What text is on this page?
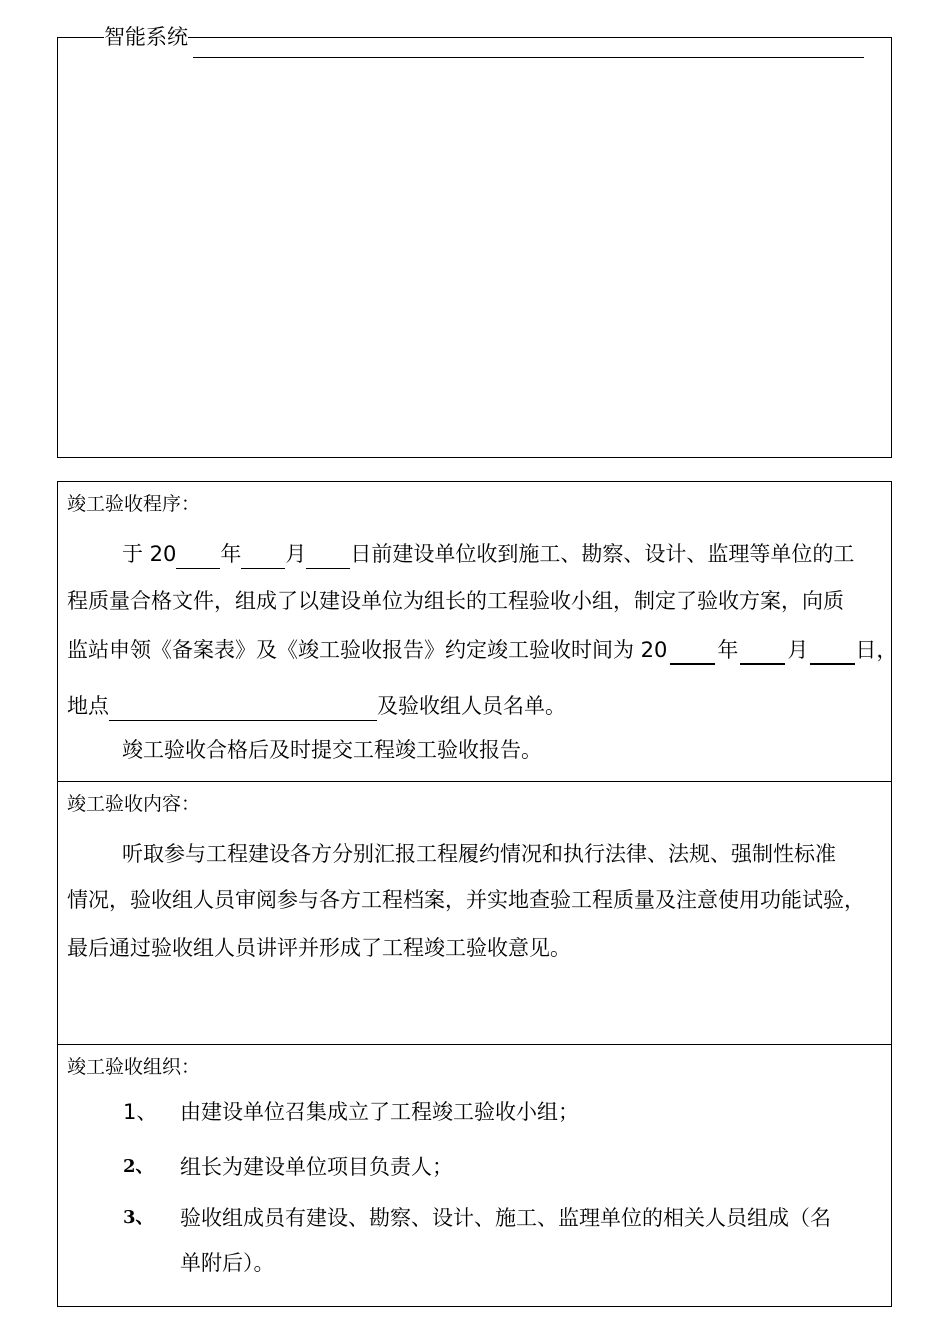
智能系统
竣工验收程序：
于 20 年 月 日前建设单位收到施工、勘察、设计、监理等单位的工
程质量合格文件，组成了以建设单位为组长的工程验收小组，制定了验收方案，向质
监站申领《备案表》及《竣工验收报告》约定竣工验收时间为 20 年 月 日，
地点	及验收组人员名单。
竣工验收合格后及时提交工程竣工验收报告。
竣工验收内容：
听取参与工程建设各方分别汇报工程履约情况和执行法律、法规、强制性标准
情况，验收组人员审阅参与各方工程档案，并实地查验工程质量及注意使用功能试验，
最后通过验收组人员讲评并形成了工程竣工验收意见。
竣工验收组织：
1、 由建设单位召集成立了工程竣工验收小组；
2、 组长为建设单位项目负责人；
3、 验收组成员有建设、勘察、设计、施工、监理单位的相关人员组成（名
单附后）。
